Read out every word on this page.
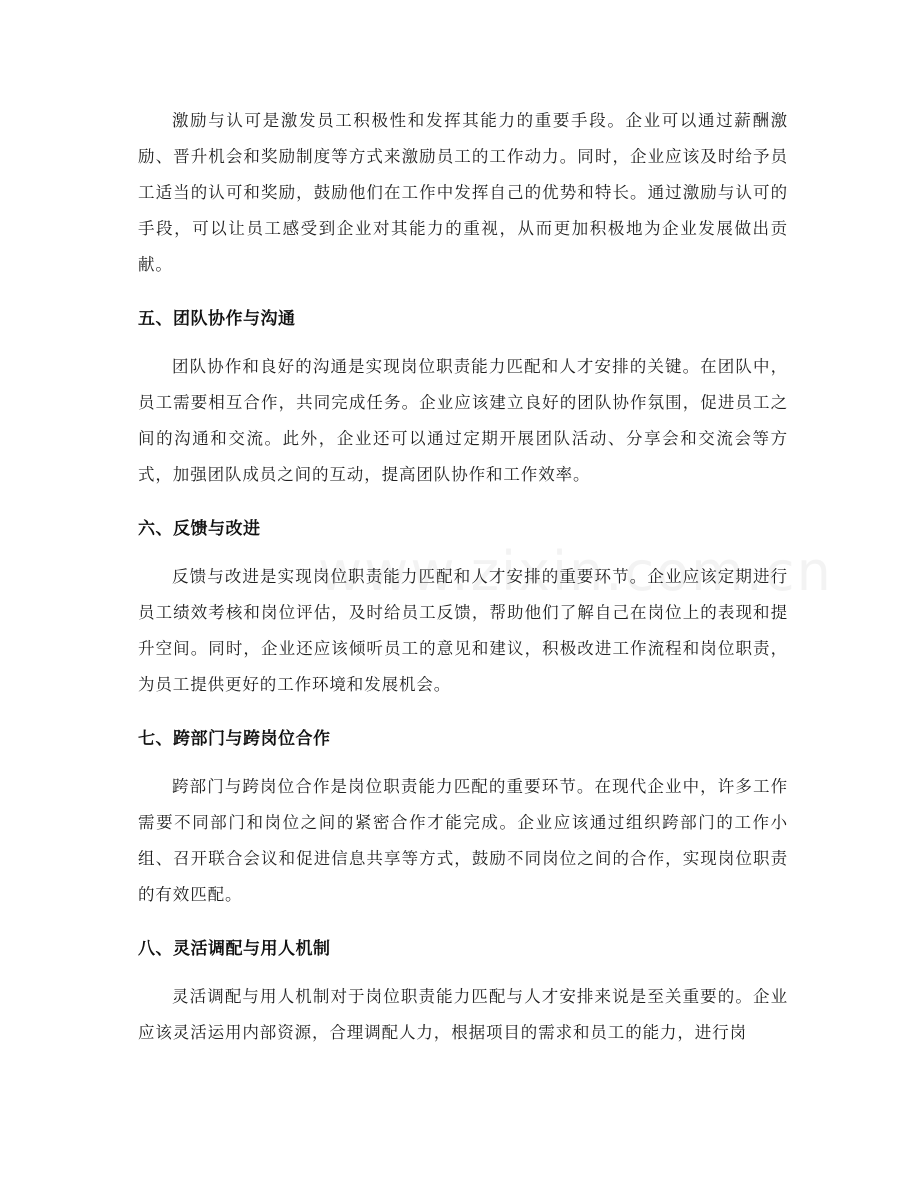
激励与认可是激发员工积极性和发挥其能力的重要手段。企业可以通过薪酬激励、晋升机会和奖励制度等方式来激励员工的工作动力。同时，企业应该及时给予员工适当的认可和奖励，鼓励他们在工作中发挥自己的优势和特长。通过激励与认可的手段，可以让员工感受到企业对其能力的重视，从而更加积极地为企业发展做出贡献。

五、团队协作与沟通

团队协作和良好的沟通是实现岗位职责能力匹配和人才安排的关键。在团队中，员工需要相互合作，共同完成任务。企业应该建立良好的团队协作氛围，促进员工之间的沟通和交流。此外，企业还可以通过定期开展团队活动、分享会和交流会等方式，加强团队成员之间的互动，提高团队协作和工作效率。

六、反馈与改进

反馈与改进是实现岗位职责能力匹配和人才安排的重要环节。企业应该定期进行员工绩效考核和岗位评估，及时给员工反馈，帮助他们了解自己在岗位上的表现和提升空间。同时，企业还应该倾听员工的意见和建议，积极改进工作流程和岗位职责，为员工提供更好的工作环境和发展机会。

七、跨部门与跨岗位合作

跨部门与跨岗位合作是岗位职责能力匹配的重要环节。在现代企业中，许多工作需要不同部门和岗位之间的紧密合作才能完成。企业应该通过组织跨部门的工作小组、召开联合会议和促进信息共享等方式，鼓励不同岗位之间的合作，实现岗位职责的有效匹配。

八、灵活调配与用人机制

灵活调配与用人机制对于岗位职责能力匹配与人才安排来说是至关重要的。企业应该灵活运用内部资源，合理调配人力，根据项目的需求和员工的能力，进行岗
